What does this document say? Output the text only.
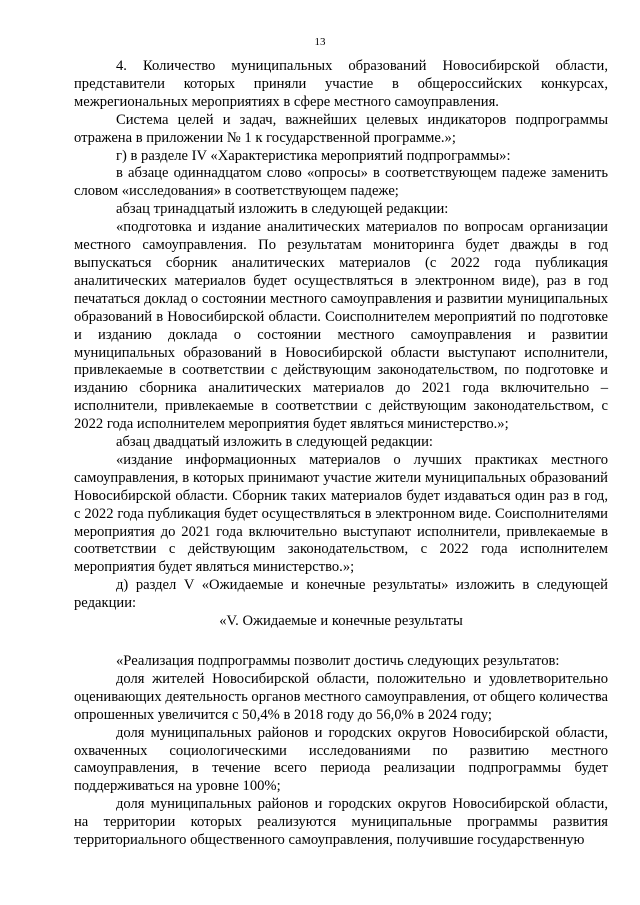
13

4. Количество муниципальных образований Новосибирской области, представители которых приняли участие в общероссийских конкурсах, межрегиональных мероприятиях в сфере местного самоуправления.

Система целей и задач, важнейших целевых индикаторов подпрограммы отражена в приложении № 1 к государственной программе.»;

г) в разделе IV «Характеристика мероприятий подпрограммы»:

в абзаце одиннадцатом слово «опросы» в соответствующем падеже заменить словом «исследования» в соответствующем падеже;

абзац тринадцатый изложить в следующей редакции:

«подготовка и издание аналитических материалов по вопросам организации местного самоуправления. По результатам мониторинга будет дважды в год выпускаться сборник аналитических материалов (с 2022 года публикация аналитических материалов будет осуществляться в электронном виде), раз в год печататься доклад о состоянии местного самоуправления и развитии муниципальных образований в Новосибирской области. Соисполнителем мероприятий по подготовке и изданию доклада о состоянии местного самоуправления и развитии муниципальных образований в Новосибирской области выступают исполнители, привлекаемые в соответствии с действующим законодательством, по подготовке и изданию сборника аналитических материалов до 2021 года включительно – исполнители, привлекаемые в соответствии с действующим законодательством, с 2022 года исполнителем мероприятия будет являться министерство.»;

абзац двадцатый изложить в следующей редакции:

«издание информационных материалов о лучших практиках местного самоуправления, в которых принимают участие жители муниципальных образований Новосибирской области. Сборник таких материалов будет издаваться один раз в год, с 2022 года публикация будет осуществляться в электронном виде. Соисполнителями мероприятия до 2021 года включительно выступают исполнители, привлекаемые в соответствии с действующим законодательством, с 2022 года исполнителем мероприятия будет являться министерство.»;

д) раздел V «Ожидаемые и конечные результаты» изложить в следующей редакции:

«V. Ожидаемые и конечные результаты

«Реализация подпрограммы позволит достичь следующих результатов:

доля жителей Новосибирской области, положительно и удовлетворительно оценивающих деятельность органов местного самоуправления, от общего количества опрошенных увеличится с 50,4% в 2018 году до 56,0% в 2024 году;

доля муниципальных районов и городских округов Новосибирской области, охваченных социологическими исследованиями по развитию местного самоуправления, в течение всего периода реализации подпрограммы будет поддерживаться на уровне 100%;

доля муниципальных районов и городских округов Новосибирской области, на территории которых реализуются муниципальные программы развития территориального общественного самоуправления, получившие государственную
